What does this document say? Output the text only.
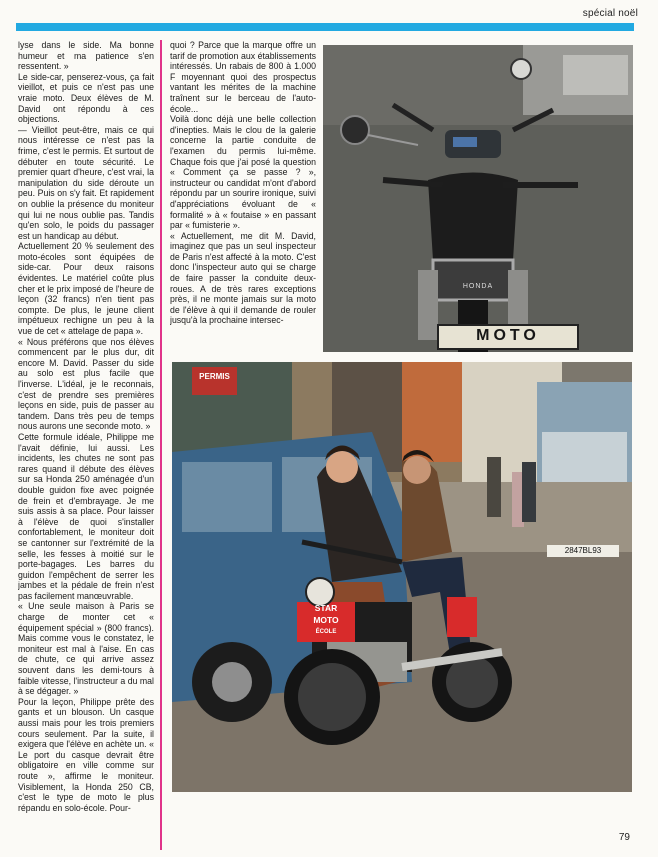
spécial noël

lyse dans le side. Ma bonne humeur et ma patience s'en ressentent. »

Le side-car, penserez-vous, ça fait vieillot, et puis ce n'est pas une vraie moto. Deux élèves de M. David ont répondu à ces objections.

— Vieillot peut-être, mais ce qui nous intéresse ce n'est pas la frime, c'est le permis. Et surtout de débuter en toute sécurité. Le premier quart d'heure, c'est vrai, la manipulation du side déroute un peu. Puis on s'y fait. Et rapidement on oublie la présence du moniteur qui lui ne nous oublie pas. Tandis qu'en solo, le poids du passager est un handicap au début.

Actuellement 20 % seulement des moto-écoles sont équipées de side-car. Pour deux raisons évidentes. Le matériel coûte plus cher et le prix imposé de l'heure de leçon (32 francs) n'en tient pas compte. De plus, le jeune client impétueux rechigne un peu à la vue de cet « attelage de papa ».

« Nous préférons que nos élèves commencent par le plus dur, dit encore M. David. Passer du side au solo est plus facile que l'inverse. L'idéal, je le reconnais, c'est de prendre ses premières leçons en side, puis de passer au tandem. Dans très peu de temps nous aurons une seconde moto. »

Cette formule idéale, Philippe me l'avait définie, lui aussi. Les incidents, les chutes ne sont pas rares quand il débute des élèves sur sa Honda 250 aménagée d'un double guidon fixe avec poignée de frein et d'embrayage. Je me suis assis à sa place. Pour laisser à l'élève de quoi s'installer confortablement, le moniteur doit se cantonner sur l'extrémité de la selle, les fesses à moitié sur le porte-bagages. Les barres du guidon l'empêchent de serrer les jambes et la pédale de frein n'est pas facilement manœuvrable.

« Une seule maison à Paris se charge de monter cet « équipement spécial » (800 francs). Mais comme vous le constatez, le moniteur est mal à l'aise. En cas de chute, ce qui arrive assez souvent dans les demi-tours à faible vitesse, l'instructeur a du mal à se dégager. »

Pour la leçon, Philippe prête des gants et un blouson. Un casque aussi mais pour les trois premiers cours seulement. Par la suite, il exigera que l'élève en achète un. « Le port du casque devrait être obligatoire en ville comme sur route », affirme le moniteur. Visiblement, la Honda 250 CB, c'est le type de moto le plus répandu en solo-école. Pour-

quoi ? Parce que la marque offre un tarif de promotion aux établissements intéressés. Un rabais de 800 à 1.000 F moyennant quoi des prospectus vantant les mérites de la machine traînent sur le berceau de l'auto-école...

Voilà donc déjà une belle collection d'inepties. Mais le clou de la galerie concerne la partie conduite de l'examen du permis lui-même. Chaque fois que j'ai posé la question « Comment ça se passe ? », instructeur ou candidat m'ont d'abord répondu par un sourire ironique, suivi d'appréciations évoluant de « formalité » à « foutaise » en passant par « fumisterie ».

« Actuellement, me dit M. David, imaginez que pas un seul inspecteur de Paris n'est affecté à la moto. C'est donc l'inspecteur auto qui se charge de faire passer la conduite deux-roues. A de très rares exceptions près, il ne monte jamais sur la moto de l'élève à qui il demande de rouler jusqu'à la prochaine intersec-

MOTO
HONDA
STAR
MOTO
ÉCOLE
2847BL93
PERMIS
79
